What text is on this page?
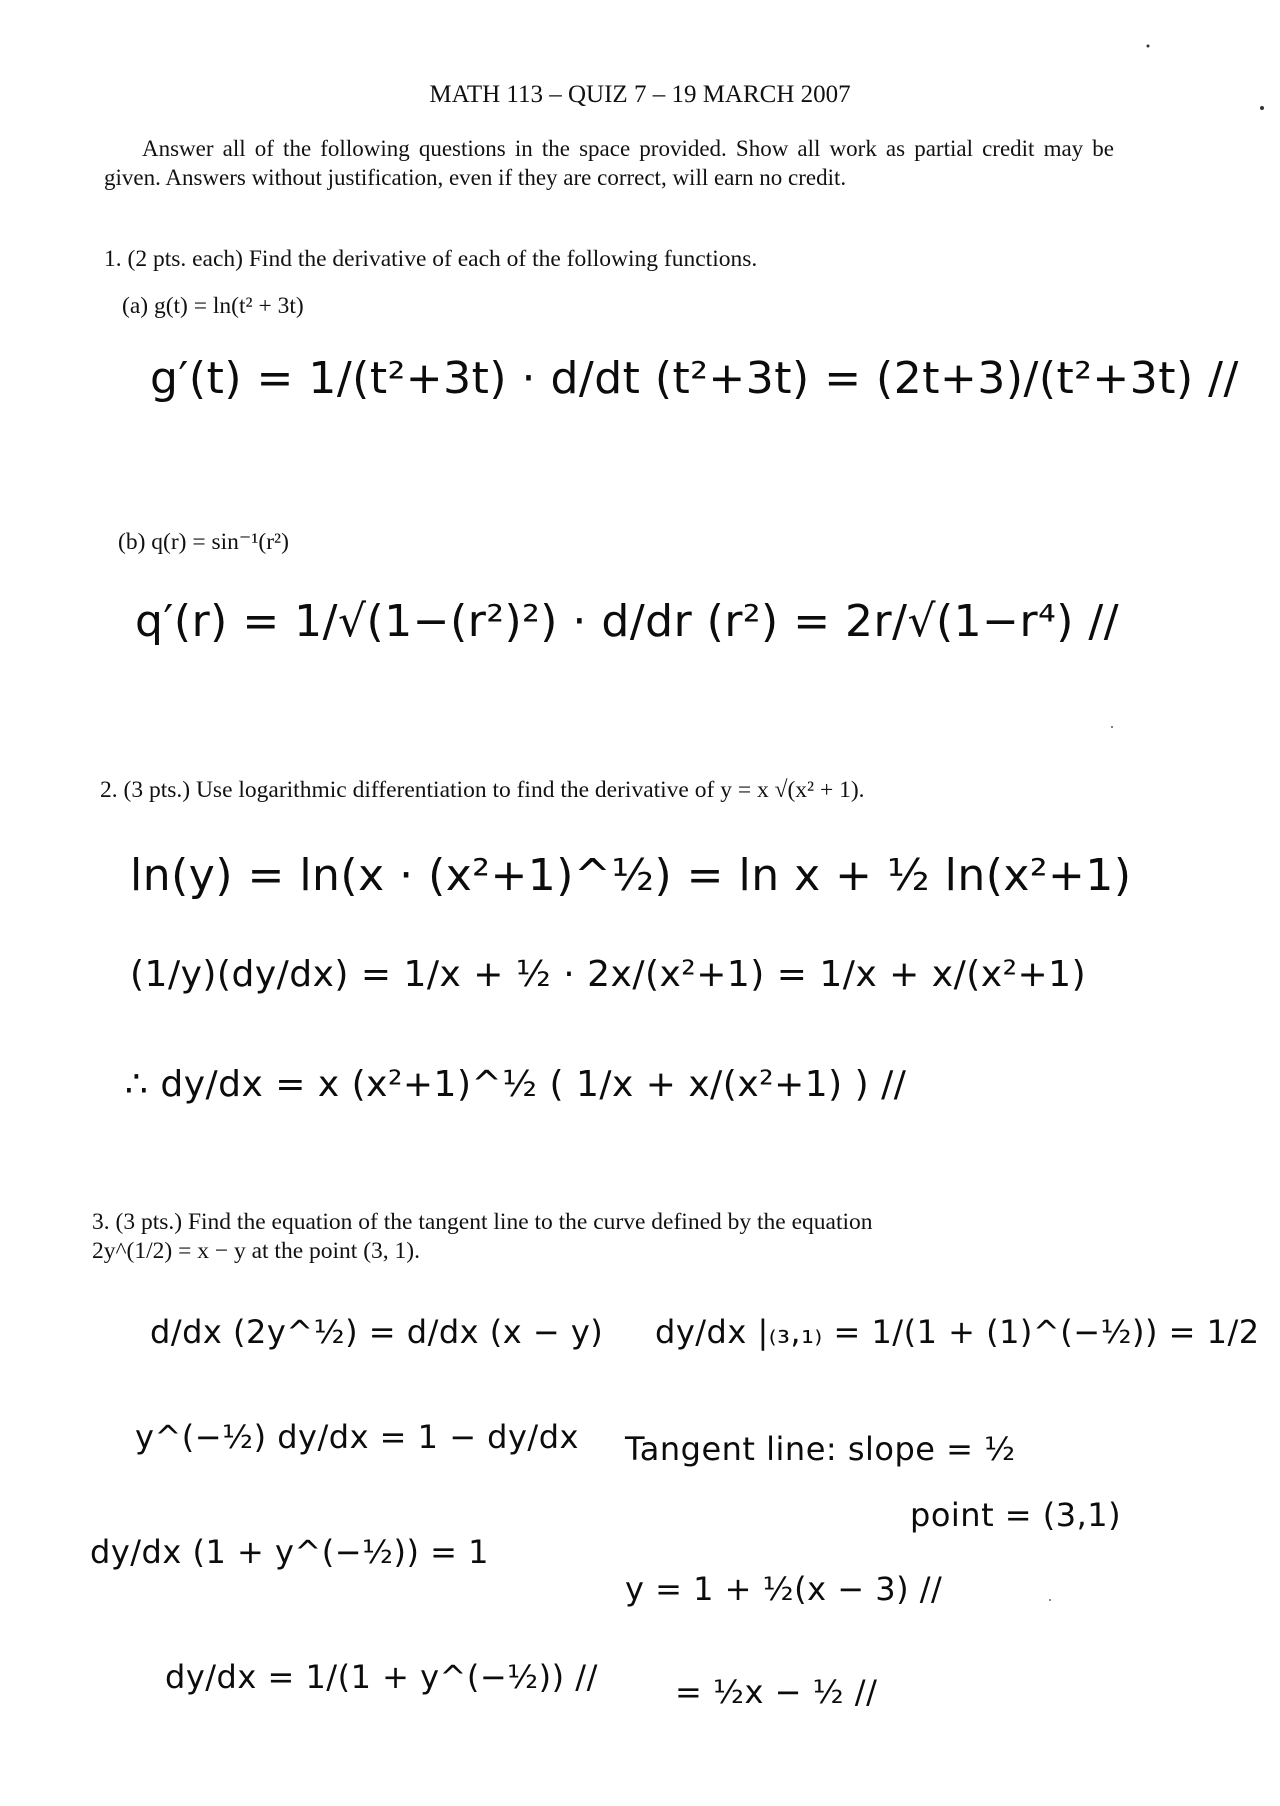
MATH 113 – QUIZ 7 – 19 MARCH 2007
Answer all of the following questions in the space provided. Show all work as partial credit may be given. Answers without justification, even if they are correct, will earn no credit.
1. (2 pts. each) Find the derivative of each of the following functions.
(a) g(t) = ln(t² + 3t)
g′(t) = 1/(t²+3t) · d/dt (t²+3t) = (2t+3)/(t²+3t) //
(b) q(r) = sin⁻¹(r²)
q′(r) = 1/√(1−(r²)²) · d/dr (r²) = 2r/√(1−r⁴) //
2. (3 pts.) Use logarithmic differentiation to find the derivative of y = x √(x² + 1).
ln(y) = ln(x · (x²+1)^½) = ln x + ½ ln(x²+1)
(1/y)(dy/dx) = 1/x + ½ · 2x/(x²+1) = 1/x + x/(x²+1)
∴ dy/dx = x (x²+1)^½ ( 1/x + x/(x²+1) ) //
3. (3 pts.) Find the equation of the tangent line to the curve defined by the equation
2y^(1/2) = x − y at the point (3, 1).
d/dx (2y^½) = d/dx (x − y)
y^(−½) dy/dx = 1 − dy/dx
dy/dx (1 + y^(−½)) = 1
dy/dx = 1/(1 + y^(−½)) //
dy/dx |₍₃,₁₎ = 1/(1 + (1)^(−½)) = 1/2
Tangent line: slope = ½
point = (3,1)
y = 1 + ½(x − 3) //
= ½x − ½ //
